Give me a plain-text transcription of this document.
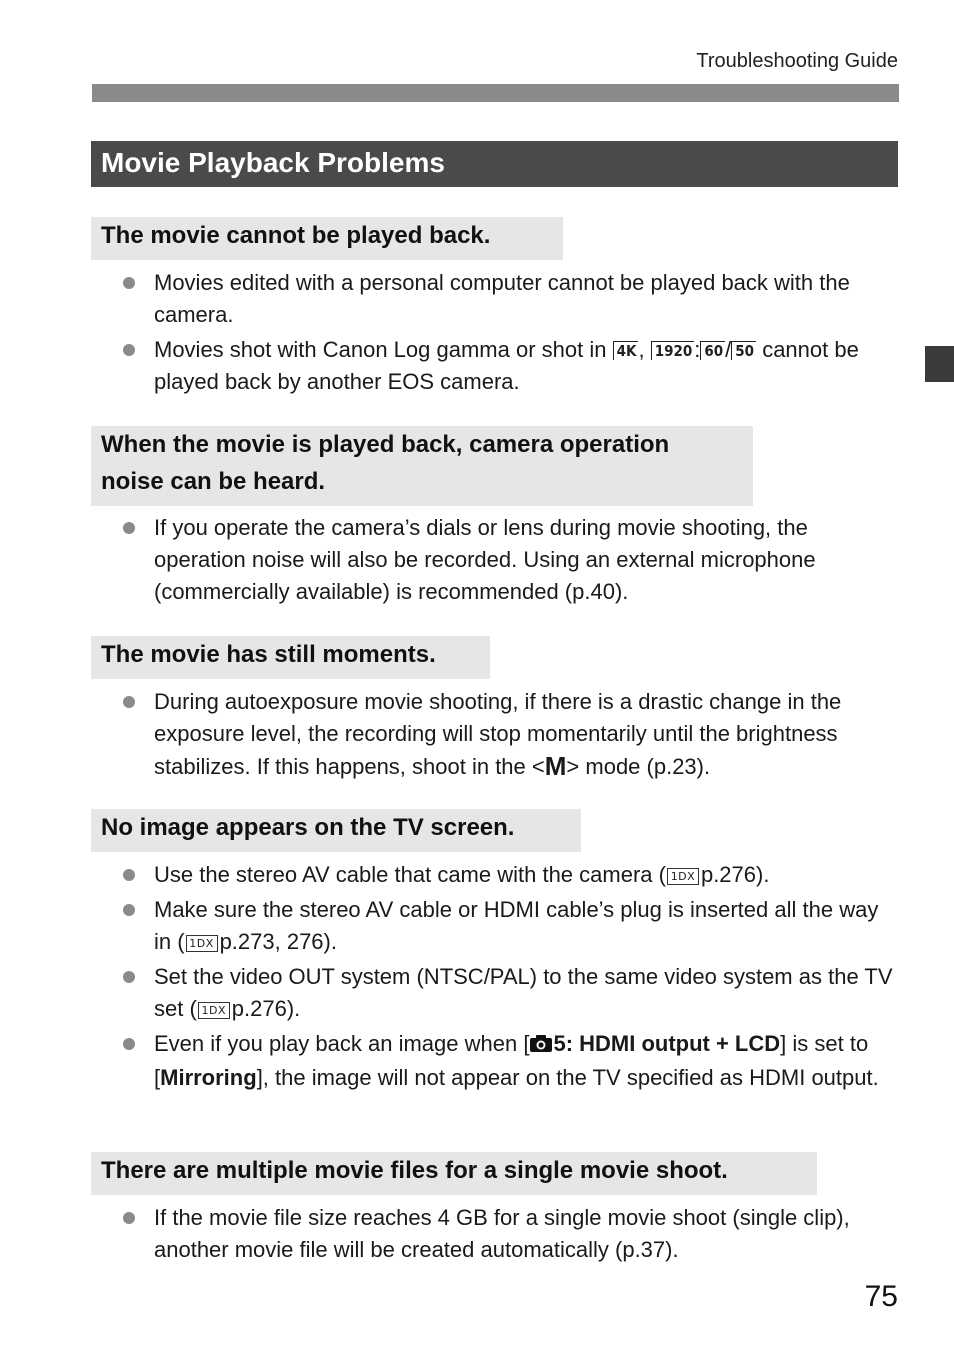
Troubleshooting Guide
Movie Playback Problems
The movie cannot be played back.
Movies edited with a personal computer cannot be played back with the camera.
Movies shot with Canon Log gamma or shot in 4K, 1920: 60/ 50 cannot be played back by another EOS camera.
When the movie is played back, camera operation
noise can be heard.
If you operate the camera’s dials or lens during movie shooting, the operation noise will also be recorded. Using an external microphone (commercially available) is recommended (p.40).
The movie has still moments.
During autoexposure movie shooting, if there is a drastic change in the exposure level, the recording will stop momentarily until the brightness stabilizes. If this happens, shoot in the <M> mode (p.23).
No image appears on the TV screen.
Use the stereo AV cable that came with the camera ( 1DX p.276).
Make sure the stereo AV cable or HDMI cable’s plug is inserted all the way in ( 1DX p.273, 276).
Set the video OUT system (NTSC/PAL) to the same video system as the TV set ( 1DX p.276).
Even if you play back an image when [ 5: HDMI output + LCD] is set to [Mirroring], the image will not appear on the TV specified as HDMI output.
There are multiple movie files for a single movie shoot.
If the movie file size reaches 4 GB for a single movie shoot (single clip), another movie file will be created automatically (p.37).
75
